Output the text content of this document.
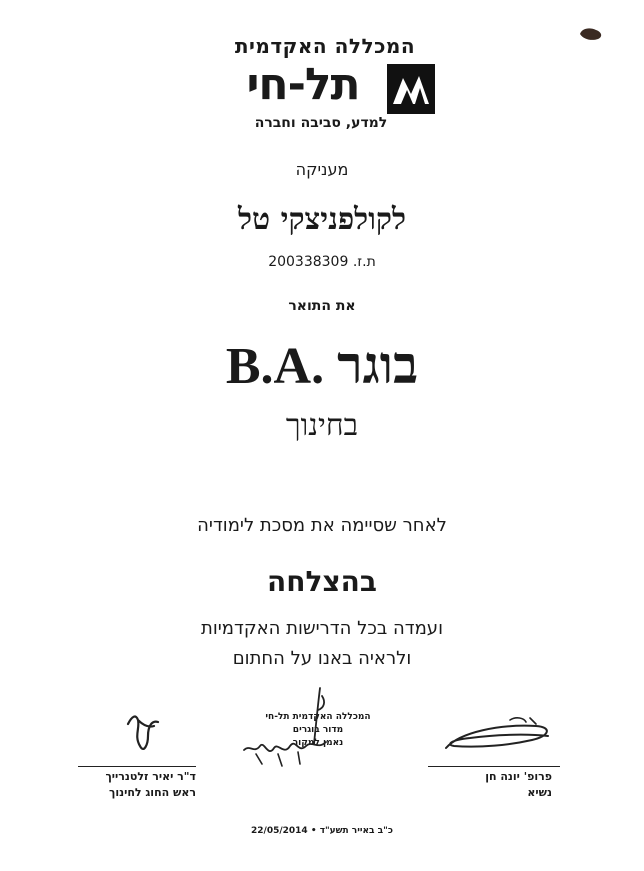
המכללה האקדמית
תל-חי
למדע, סביבה וחברה
מעניקה
לקולפניצקי טל
ת.ז. 200338309
את התואר
בוגר .B.A
בחינוך
לאחר שסיימה את מסכת לימודיה
בהצלחה
ועמדה בכל הדרישות האקדמיות
ולראיה באנו על החתום
ד"ר יאיר זלטנרייך
ראש החוג לחינוך
המכללה האקדמית תל-חי
מדור בוגרים
נאמן למקור
פרופ' יונה חן
נשיא
כ"ב באייר תשע"ד • 22/05/2014
